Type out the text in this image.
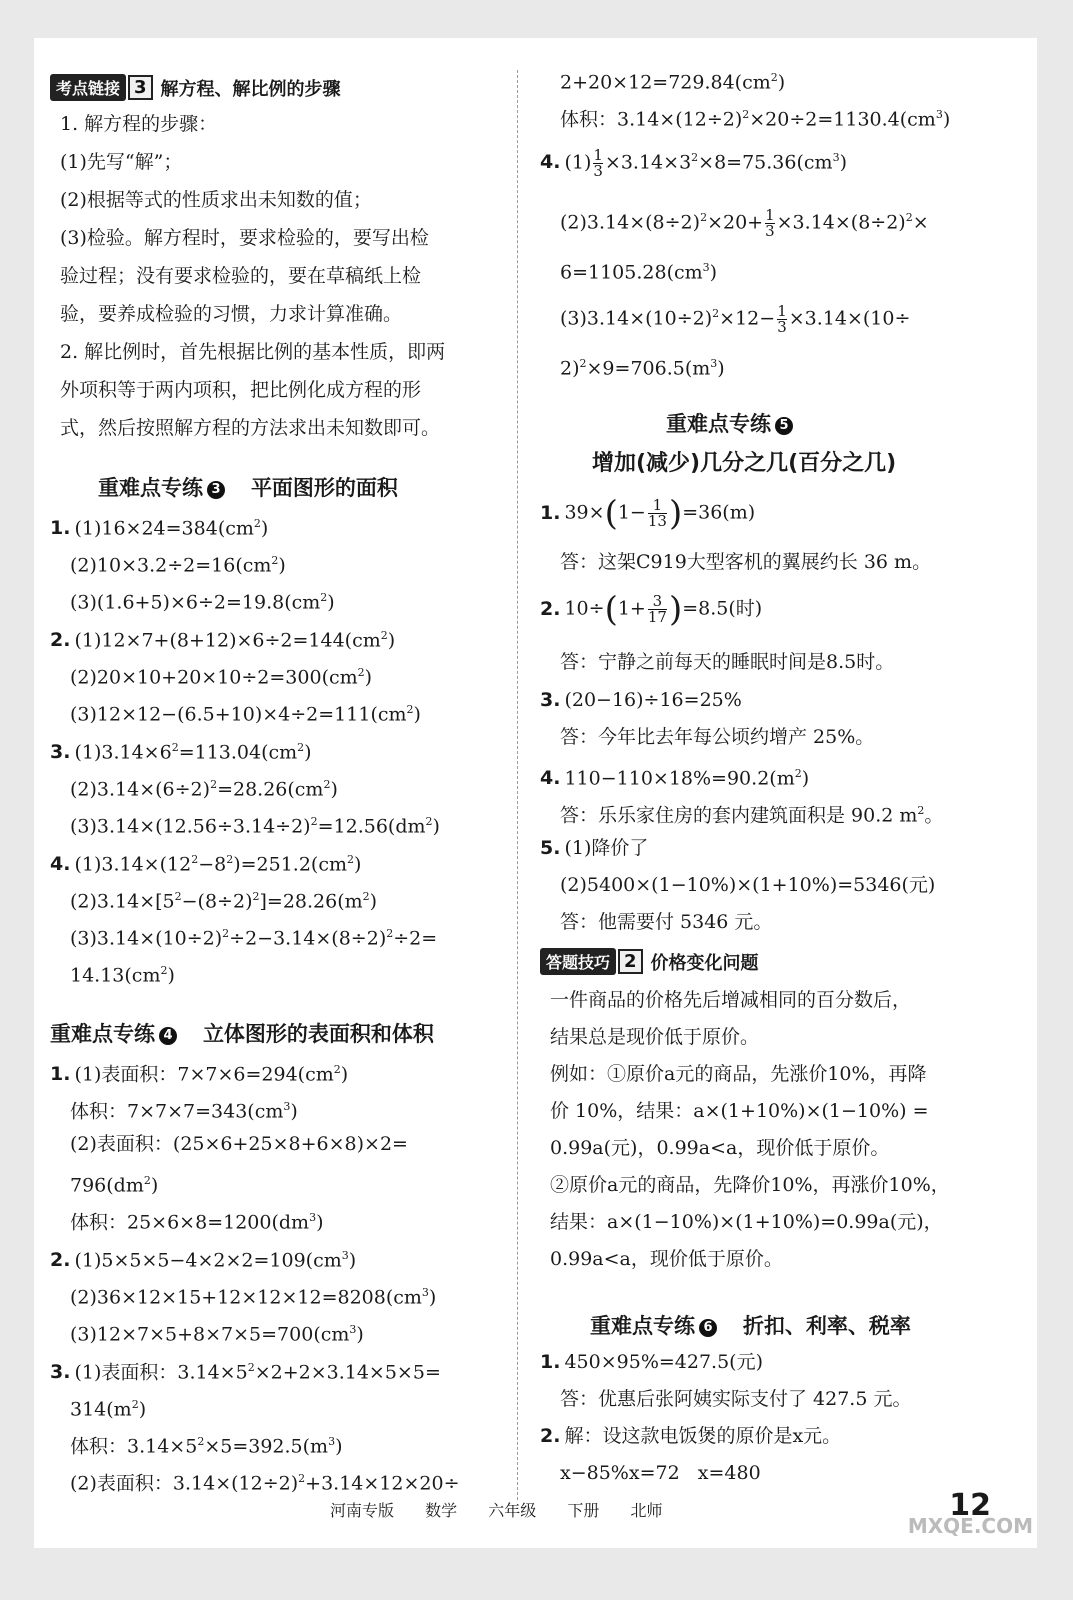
考点链接 3 解方程、解比例的步骤
1. 解方程的步骤：
(1)先写“解”；
(2)根据等式的性质求出未知数的值；
(3)检验。解方程时，要求检验的，要写出检
验过程；没有要求检验的，要在草稿纸上检
验，要养成检验的习惯，力求计算准确。
2. 解比例时，首先根据比例的基本性质，即两
外项积等于两内项积，把比例化成方程的形
式，然后按照解方程的方法求出未知数即可。
重难点专练 3 平面图形的面积
1. $(1)16\times 24=384(cm^2)$
$(2)10\times 3.2\div 2=16(cm^2)$
$(3)(1.6+5)\times 6\div 2=19.8(cm^2)$
2. $(1)12\times 7+(8+12)\times 6\div 2=144(cm^2)$
$(2)20\times 10+20\times 10\div 2=300(cm^2)$
$(3)12\times 12-(6.5+10)\times 4\div 2=111(cm^2)$
3. $(1)3.14\times 6^2=113.04(cm^2)$
$(2)3.14\times(6\div 2)^2=28.26(cm^2)$
$(3)3.14\times(12.56\div 3.14\div 2)^2=12.56(dm^2)$
4. $(1)3.14\times(12^2-8^2)=251.2(cm^2)$
$(2)3.14\times[5^2-(8\div 2)^2]=28.26(m^2)$
$(3)3.14\times(10\div 2)^2\div 2-3.14\times(8\div 2)^2\div 2=$
$14.13(cm^2)$
重难点专练 4 立体图形的表面积和体积
1. (1)表面积：$7\times 7\times 6=294(cm^2)$
体积：$7\times 7\times 7=343(cm^3)$
(2)表面积：(25×6+25×8+6×8)×2=
$796(dm^2)$
体积：$25\times 6\times 8=1200(dm^3)$
2. $(1)5\times 5\times 5-4\times 2\times 2=109(cm^3)$
$(2)36\times 12\times 15+12\times 12\times 12=8208(cm^3)$
$(3)12\times 7\times 5+8\times 7\times 5=700(cm^3)$
3. (1)表面积：$3.14\times 5^2\times 2+2\times 3.14\times 5\times 5=$
$314(m^2)$
体积：$3.14\times 5^2\times 5=392.5(m^3)$
(2)表面积：$3.14\times(12\div 2)^2+3.14\times 12\times 20\div$
$2+20\times 12=729.84(cm^2)$
体积：$3.14\times(12\div 2)^2\times 20\div 2=1130.4(cm^3)$
4. $(1) \frac{1}{3} \times 3.14\times 3^2\times 8=75.36(cm^3)$
$(2)3.14\times(8\div 2)^2\times 20+ \frac{1}{3} \times 3.14\times(8\div 2)^2\times$
$6=1105.28(cm^3)$
$(3)3.14\times(10\div 2)^2\times 12- \frac{1}{3} \times 3.14\times(10\div$
$2)^2\times 9=706.5(m^3)$
重难点专练 5
增加(减少)几分之几(百分之几)
1. $39\times(1- \frac{1}{13} )=36(m)$
答：这架C919大型客机的翼展约长 36 m。
2. $10\div(1+ \frac{3}{17} )=8.5$(时)
答：宁静之前每天的睡眠时间是8.5时。
3. (20−16)÷16=25%
答：今年比去年每公顷约增产 25%。
4. $110-110\times 18\%=90.2(m^2)$
答：乐乐家住房的套内建筑面积是 90.2 $m^2$。
5. (1)降价了
(2)5400×(1−10%)×(1+10%)=5346(元)
答：他需要付 5346 元。
答题技巧 2 价格变化问题
一件商品的价格先后增减相同的百分数后，
结果总是现价低于原价。
例如：①原价a元的商品，先涨价10%，再降
价 10%，结果：a×(1+10%)×(1−10%) =
0.99a(元)，0.99a<a，现价低于原价。
②原价a元的商品，先降价10%，再涨价10%，
结果：a×(1−10%)×(1+10%)=0.99a(元)，
0.99a<a，现价低于原价。
重难点专练 6 折扣、利率、税率
1. 450×95%=427.5(元)
答：优惠后张阿姨实际支付了 427.5 元。
2. 解：设这款电饭煲的原价是x元。
x−85%x=72   x=480
河南专版 数学 六年级 下册 北师	12
MXQE.COM
